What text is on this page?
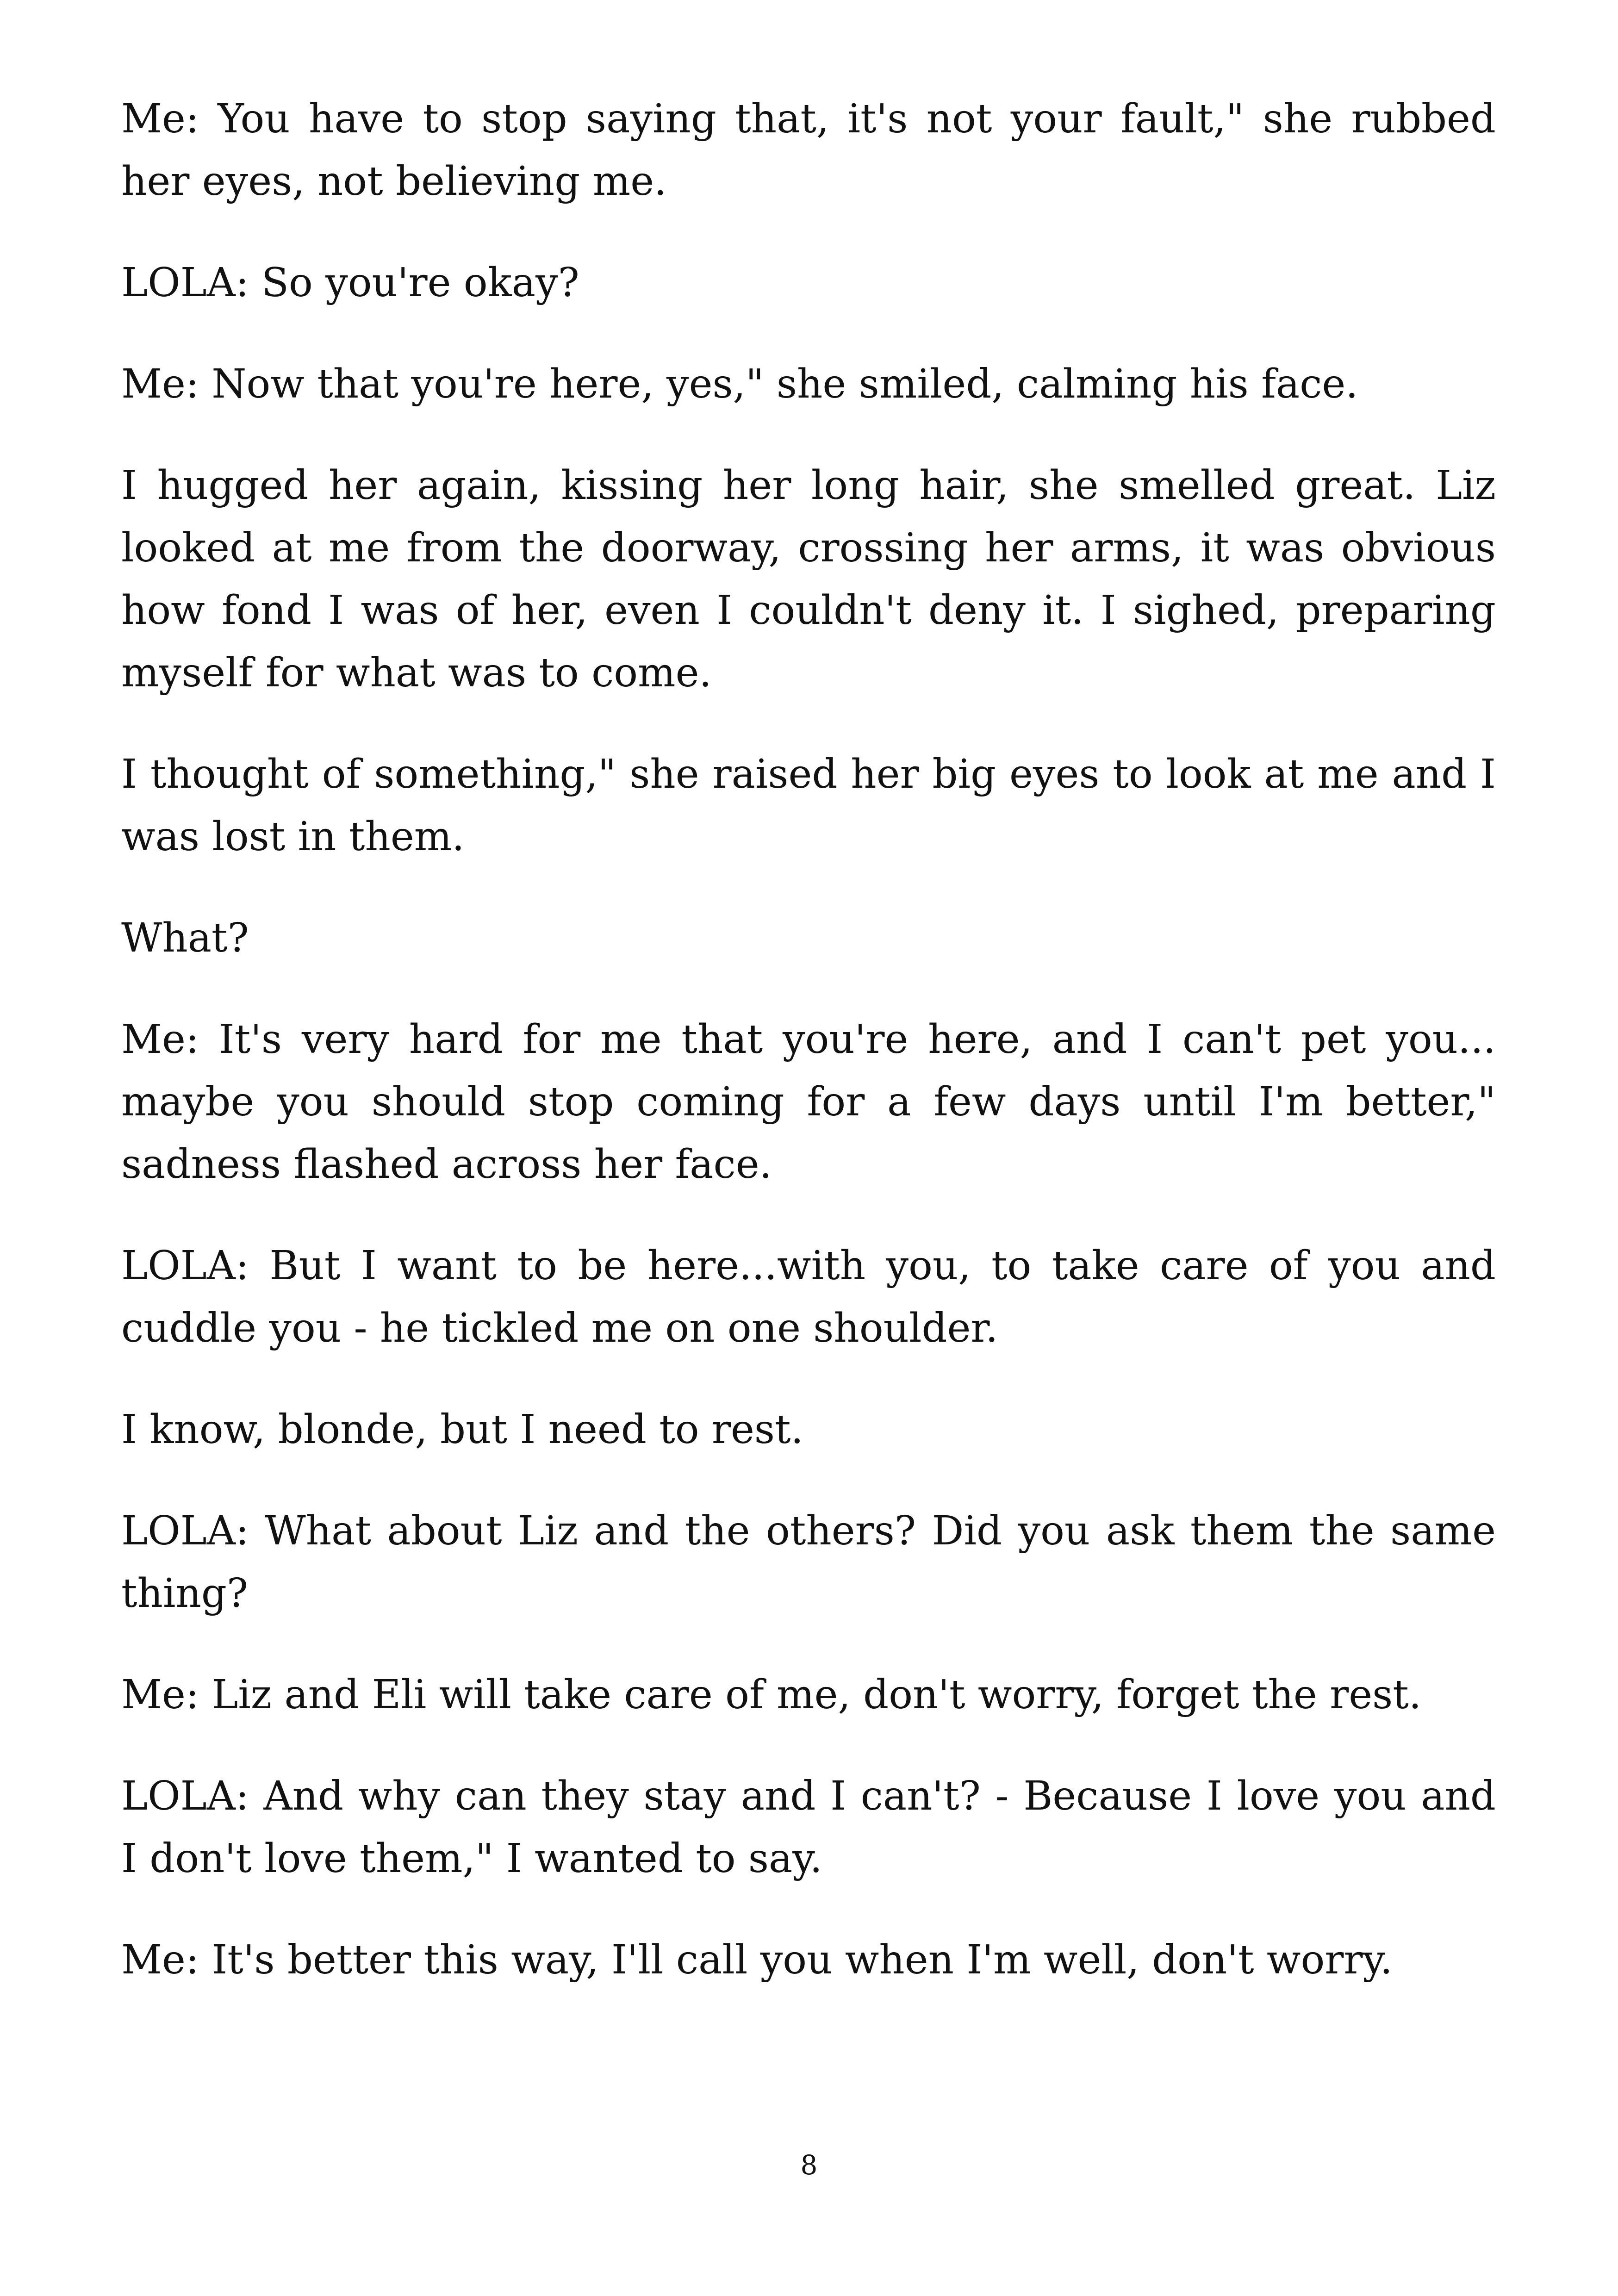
Me: You have to stop saying that, it's not your fault," she rubbed her eyes, not believing me.

LOLA: So you're okay?

Me: Now that you're here, yes," she smiled, calming his face.

I hugged her again, kissing her long hair, she smelled great. Liz looked at me from the doorway, crossing her arms, it was obvious how fond I was of her, even I couldn't deny it. I sighed, preparing myself for what was to come.

I thought of something," she raised her big eyes to look at me and I was lost in them.

What?

Me: It's very hard for me that you're here, and I can't pet you... maybe you should stop coming for a few days until I'm better," sadness flashed across her face.

LOLA: But I want to be here...with you, to take care of you and cuddle you - he tickled me on one shoulder.

I know, blonde, but I need to rest.

LOLA: What about Liz and the others? Did you ask them the same thing?

Me: Liz and Eli will take care of me, don't worry, forget the rest.

LOLA: And why can they stay and I can't? - Because I love you and I don't love them," I wanted to say.

Me: It's better this way, I'll call you when I'm well, don't worry.

8
